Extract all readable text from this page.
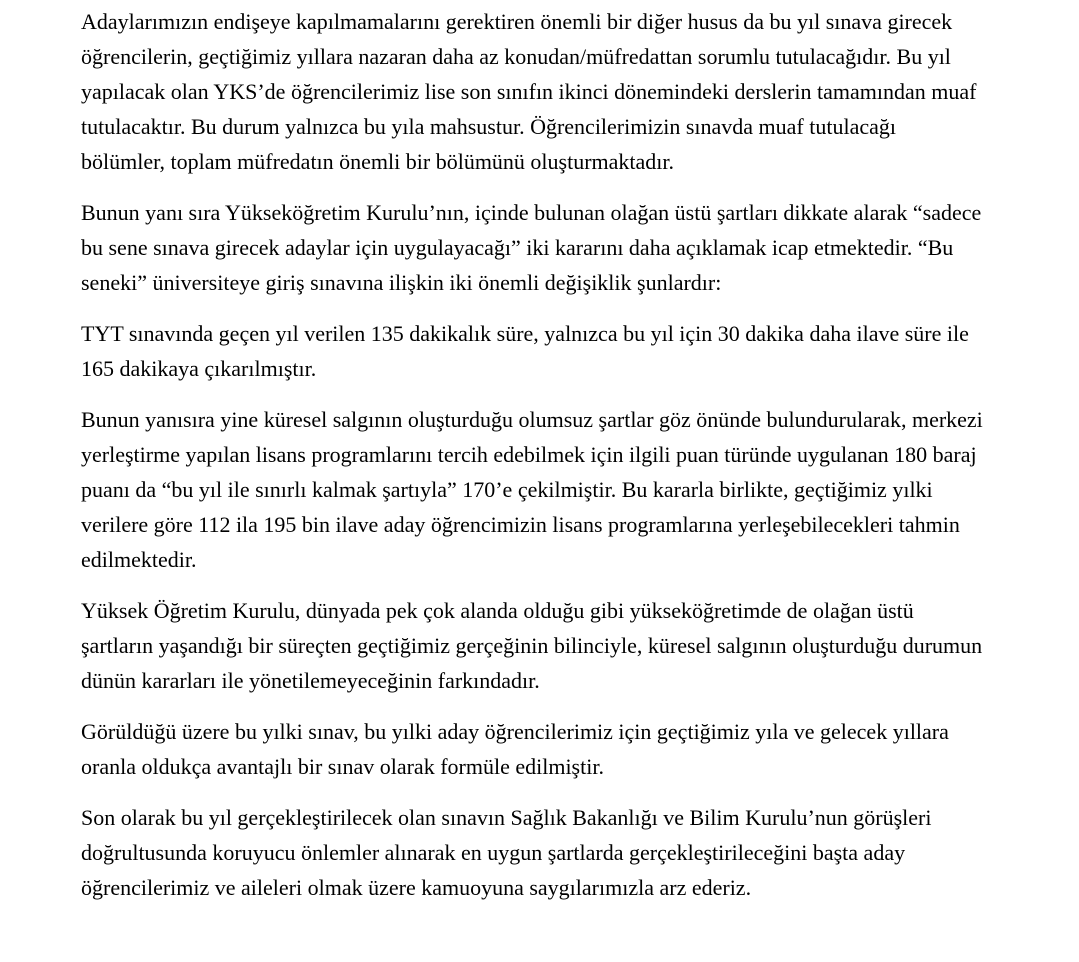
Adaylarımızın endişeye kapılmamalarını gerektiren önemli bir diğer husus da bu yıl sınava girecek öğrencilerin, geçtiğimiz yıllara nazaran daha az konudan/müfredattan sorumlu tutulacağıdır. Bu yıl yapılacak olan YKS’de öğrencilerimiz lise son sınıfın ikinci dönemindeki derslerin tamamından muaf tutulacaktır. Bu durum yalnızca bu yıla mahsustur. Öğrencilerimizin sınavda muaf tutulacağı bölümler, toplam müfredatın önemli bir bölümünü oluşturmaktadır.

Bunun yanı sıra Yükseköğretim Kurulu’nın, içinde bulunan olağan üstü şartları dikkate alarak “sadece bu sene sınava girecek adaylar için uygulayacağı” iki kararını daha açıklamak icap etmektedir. “Bu seneki” üniversiteye giriş sınavına ilişkin iki önemli değişiklik şunlardır:

TYT sınavında geçen yıl verilen 135 dakikalık süre, yalnızca bu yıl için 30 dakika daha ilave süre ile 165 dakikaya çıkarılmıştır.

Bunun yanısıra yine küresel salgının oluşturduğu olumsuz şartlar göz önünde bulundurularak, merkezi yerleştirme yapılan lisans programlarını tercih edebilmek için ilgili puan türünde uygulanan 180 baraj puanı da “bu yıl ile sınırlı kalmak şartıyla” 170’e çekilmiştir. Bu kararla birlikte, geçtiğimiz yılki verilere göre 112 ila 195 bin ilave aday öğrencimizin lisans programlarına yerleşebilecekleri tahmin edilmektedir.

Yüksek Öğretim Kurulu, dünyada pek çok alanda olduğu gibi yükseköğretimde de olağan üstü şartların yaşandığı bir süreçten geçtiğimiz gerçeğinin bilinciyle, küresel salgının oluşturduğu durumun dünün kararları ile yönetilemeyeceğinin farkındadır.

Görüldüğü üzere bu yılki sınav, bu yılki aday öğrencilerimiz için geçtiğimiz yıla ve gelecek yıllara oranla oldukça avantajlı bir sınav olarak formüle edilmiştir.

Son olarak bu yıl gerçekleştirilecek olan sınavın Sağlık Bakanlığı ve Bilim Kurulu’nun görüşleri doğrultusunda koruyucu önlemler alınarak en uygun şartlarda gerçekleştirileceğini başta aday öğrencilerimiz ve aileleri olmak üzere kamuoyuna saygılarımızla arz ederiz.
